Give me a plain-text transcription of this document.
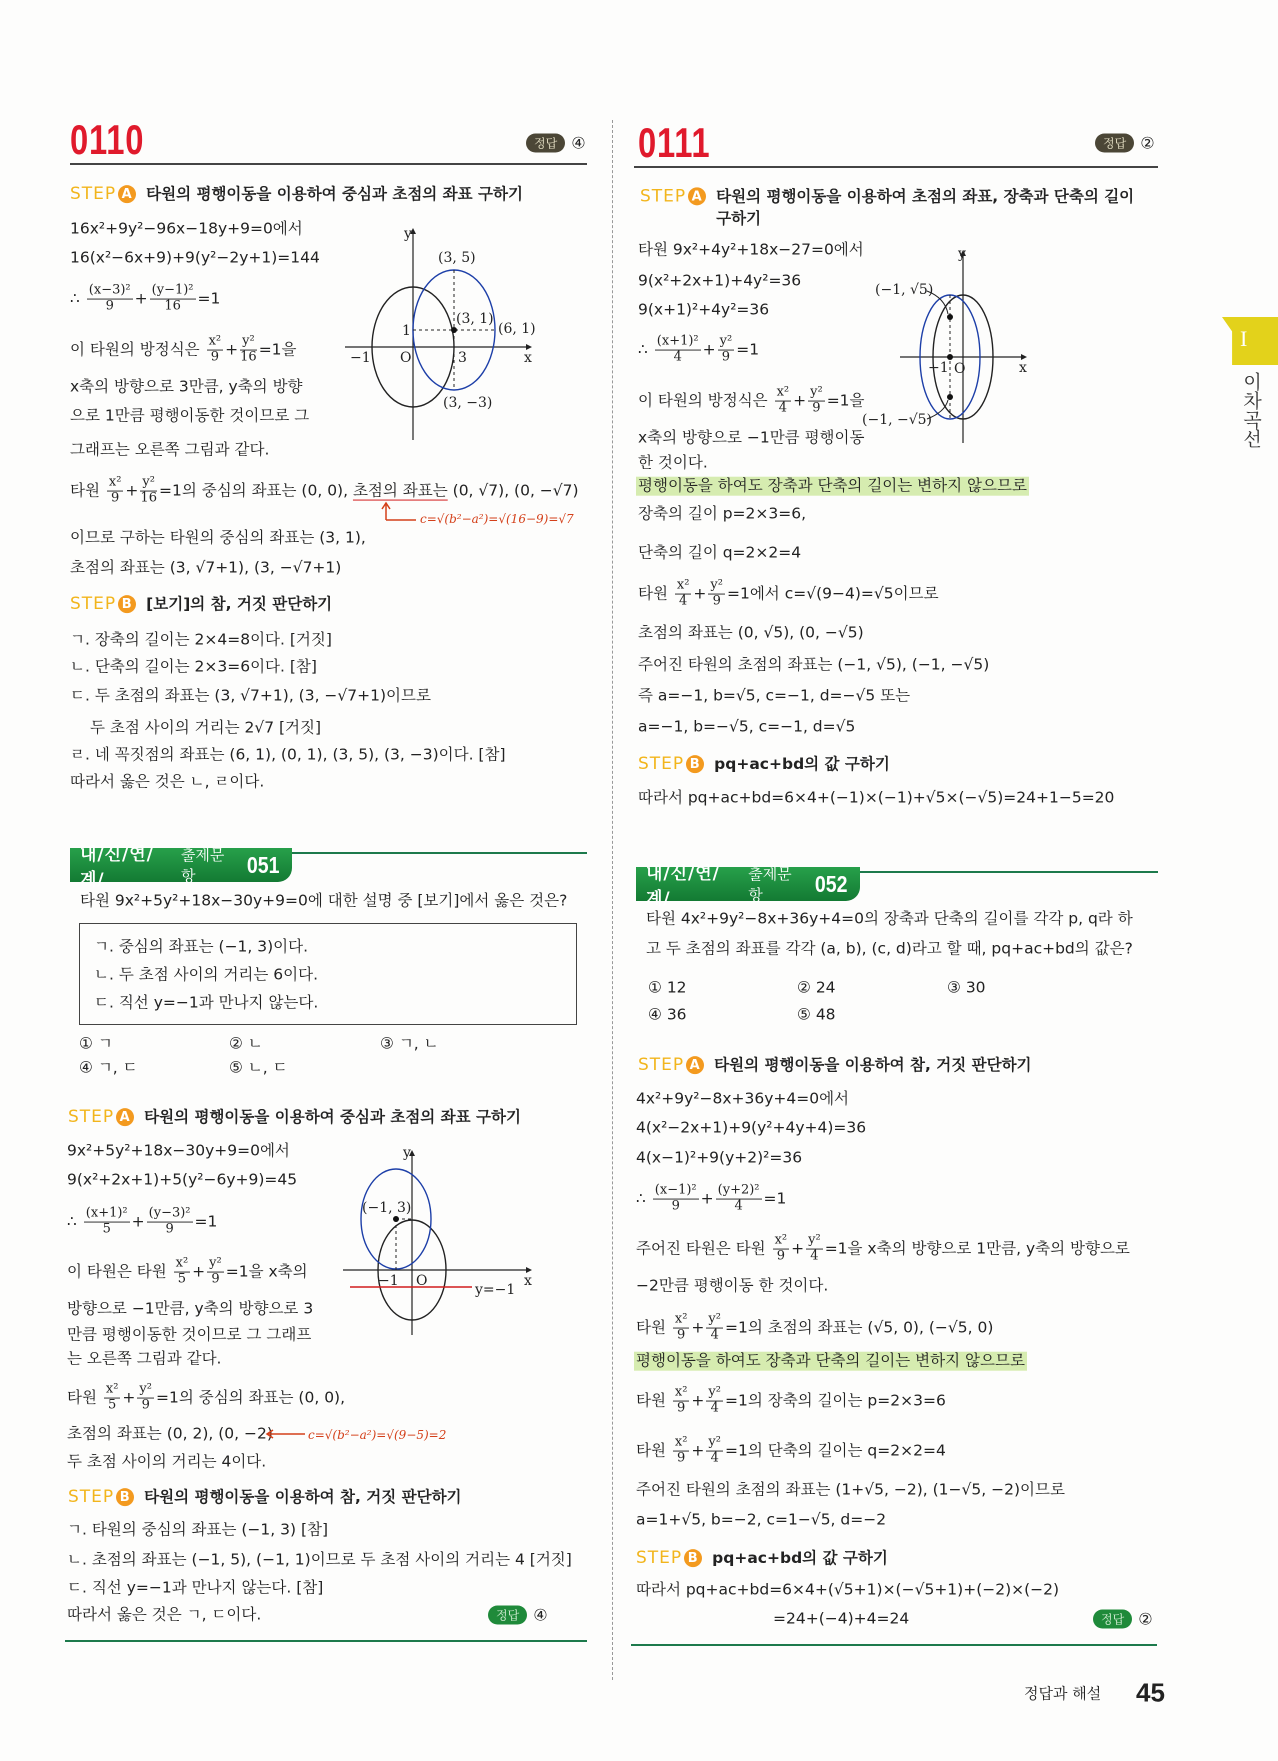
I
이차곡선
0110	정답 ④
STEP A 타원의 평행이동을 이용하여 중심과 초점의 좌표 구하기
16x²+9y²−96x−18y+9=0에서
16(x²−6x+9)+9(y²−2y+1)=144
∴ $\frac{\text{(x−3)²}}{9} + \frac{\text{(y−1)²}}{16} =1$
이 타원의 방정식은 $\frac{\text{x²}}{9} + \frac{\text{y²}}{16} =1$을
x축의 방향으로 3만큼, y축의 방향
으로 1만큼 평행이동한 것이므로 그
그래프는 오른쪽 그림과 같다.
타원 $\frac{\text{x²}}{9} + \frac{\text{y²}}{16} =1$의 중심의 좌표는 (0, 0), 초점의 좌표는 (0, √7), (0, −√7)
c=√(b²−a²)=√(16−9)=√7
이므로 구하는 타원의 중심의 좌표는 (3, 1),
초점의 좌표는 (3, √7+1), (3, −√7+1)
y
x
(3, 5)
(3, 1)
(6, 1)
(3, −3)
1
−1 O	3
STEP B [보기]의 참, 거짓 판단하기
ㄱ. 장축의 길이는 2×4=8이다. [거짓]
ㄴ. 단축의 길이는 2×3=6이다. [참]
ㄷ. 두 초점의 좌표는 (3, √7+1), (3, −√7+1)이므로
두 초점 사이의 거리는 2√7 [거짓]
ㄹ. 네 꼭짓점의 좌표는 (6, 1), (0, 1), (3, 5), (3, −3)이다. [참]
따라서 옳은 것은 ㄴ, ㄹ이다.
내/신/연/계/
출제문항	051
타원 9x²+5y²+18x−30y+9=0에 대한 설명 중 [보기]에서 옳은 것은?
ㄱ. 중심의 좌표는 (−1, 3)이다.
ㄴ. 두 초점 사이의 거리는 6이다.
ㄷ. 직선 y=−1과 만나지 않는다.
① ㄱ	② ㄴ	③ ㄱ, ㄴ
④ ㄱ, ㄷ	⑤ ㄴ, ㄷ
STEP A 타원의 평행이동을 이용하여 중심과 초점의 좌표 구하기
9x²+5y²+18x−30y+9=0에서
9(x²+2x+1)+5(y²−6y+9)=45
∴ $\frac{\text{(x+1)²}}{5} + \frac{\text{(y−3)²}}{9} =1$
이 타원은 타원 $\frac{\text{x²}}{5} + \frac{\text{y²}}{9} =1$을 x축의
방향으로 −1만큼, y축의 방향으로 3
만큼 평행이동한 것이므로 그 그래프
는 오른쪽 그림과 같다.
타원 $\frac{\text{x²}}{5} + \frac{\text{y²}}{9} =1$의 중심의 좌표는 (0, 0),
초점의 좌표는 (0, 2), (0, −2)	c=√(b²−a²)=√(9−5)=2
두 초점 사이의 거리는 4이다.
y
x
(−1, 3)
−1 O
y=−1
STEP B 타원의 평행이동을 이용하여 참, 거짓 판단하기
ㄱ. 타원의 중심의 좌표는 (−1, 3) [참]
ㄴ. 초점의 좌표는 (−1, 5), (−1, 1)이므로 두 초점 사이의 거리는 4 [거짓]
ㄷ. 직선 y=−1과 만나지 않는다. [참]
따라서 옳은 것은 ㄱ, ㄷ이다.	정답 ④
0111	정답 ②
STEP A 타원의 평행이동을 이용하여 초점의 좌표, 장축과 단축의 길이
구하기
타원 9x²+4y²+18x−27=0에서
9(x²+2x+1)+4y²=36
9(x+1)²+4y²=36
∴ $\frac{\text{(x+1)²}}{4} + \frac{\text{y²}}{9} =1$
이 타원의 방정식은 $\frac{\text{x²}}{4} + \frac{\text{y²}}{9} =1$을
x축의 방향으로 −1만큼 평행이동
한 것이다.
평행이동을 하여도 장축과 단축의 길이는 변하지 않으므로
장축의 길이 p=2×3=6,
단축의 길이 q=2×2=4
타원 $\frac{\text{x²}}{4} + \frac{\text{y²}}{9} =1$에서 c=√(9−4)=√5이므로
초점의 좌표는 (0, √5), (0, −√5)
주어진 타원의 초점의 좌표는 (−1, √5), (−1, −√5)
즉 a=−1, b=√5, c=−1, d=−√5 또는
a=−1, b=−√5, c=−1, d=√5
y
x
(−1, √5)
(−1, −√5)
−1 O
STEP B pq+ac+bd의 값 구하기
따라서 pq+ac+bd=6×4+(−1)×(−1)+√5×(−√5)=24+1−5=20
내/신/연/계/
출제문항	052
타원 4x²+9y²−8x+36y+4=0의 장축과 단축의 길이를 각각 p, q라 하
고 두 초점의 좌표를 각각 (a, b), (c, d)라고 할 때, pq+ac+bd의 값은?
① 12	② 24	③ 30
④ 36	⑤ 48
STEP A 타원의 평행이동을 이용하여 참, 거짓 판단하기
4x²+9y²−8x+36y+4=0에서
4(x²−2x+1)+9(y²+4y+4)=36
4(x−1)²+9(y+2)²=36
∴ $\frac{\text{(x−1)²}}{9} + \frac{\text{(y+2)²}}{4} =1$
주어진 타원은 타원 $\frac{\text{x²}}{9} + \frac{\text{y²}}{4} =1$을 x축의 방향으로 1만큼, y축의 방향으로
−2만큼 평행이동 한 것이다.
타원 $\frac{\text{x²}}{9} + \frac{\text{y²}}{4} =1$의 초점의 좌표는 (√5, 0), (−√5, 0)
평행이동을 하여도 장축과 단축의 길이는 변하지 않으므로
타원 $\frac{\text{x²}}{9} + \frac{\text{y²}}{4} =1$의 장축의 길이는 p=2×3=6
타원 $\frac{\text{x²}}{9} + \frac{\text{y²}}{4} =1$의 단축의 길이는 q=2×2=4
주어진 타원의 초점의 좌표는 (1+√5, −2), (1−√5, −2)이므로
a=1+√5, b=−2, c=1−√5, d=−2
STEP B pq+ac+bd의 값 구하기
따라서 pq+ac+bd=6×4+(√5+1)×(−√5+1)+(−2)×(−2)
=24+(−4)+4=24	정답 ②
정답과 해설 45
